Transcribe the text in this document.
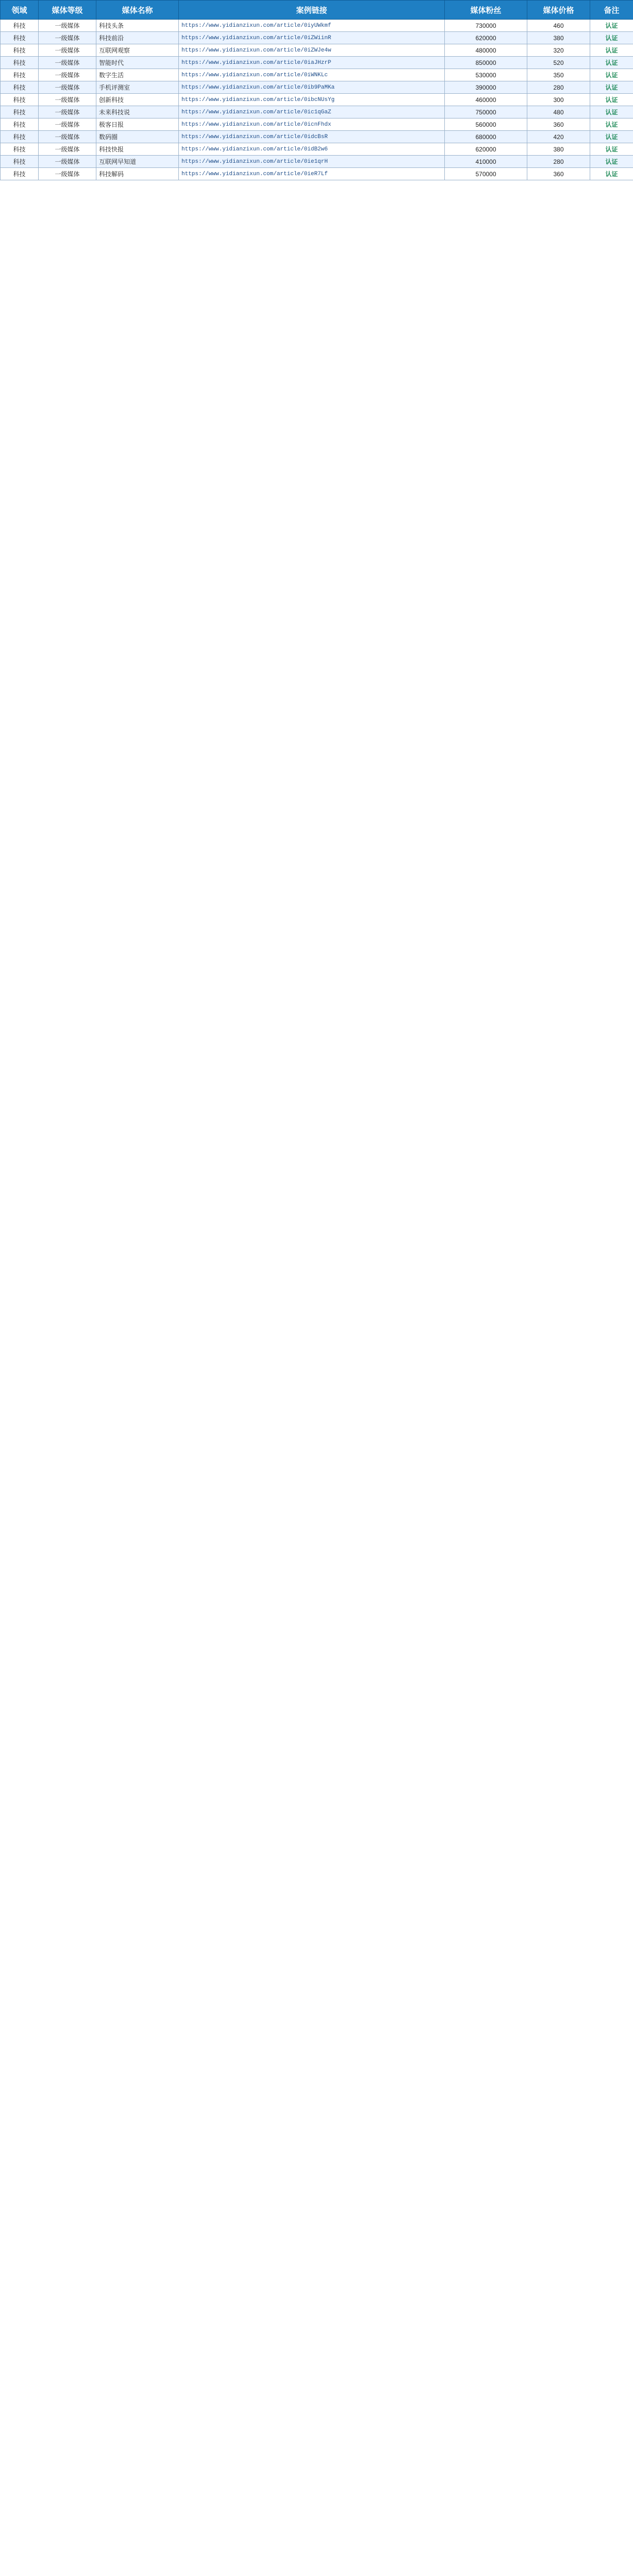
领域	媒体等级	媒体名称	案例链接	媒体粉丝	媒体价格	备注
科技	一级媒体	科技头条	https://www.yidianzixun.com/article/0iyUWkmf	730000	460	认证
科技	一级媒体	科技前沿	https://www.yidianzixun.com/article/0iZWiinR	620000	380	认证
科技	一级媒体	互联网观察	https://www.yidianzixun.com/article/0iZWJe4w	480000	320	认证
科技	一级媒体	智能时代	https://www.yidianzixun.com/article/0iaJHzrP	850000	520	认证
科技	一级媒体	数字生活	https://www.yidianzixun.com/article/0iWNKLc	530000	350	认证
科技	一级媒体	手机评测室	https://www.yidianzixun.com/article/0ib9PaMKa	390000	280	认证
科技	一级媒体	创新科技	https://www.yidianzixun.com/article/0ibcNUsYg	460000	300	认证
科技	一级媒体	未来科技说	https://www.yidianzixun.com/article/0ic1qGaZ	750000	480	认证
科技	一级媒体	极客日报	https://www.yidianzixun.com/article/0icnFhdx	560000	360	认证
科技	一级媒体	数码圈	https://www.yidianzixun.com/article/0idcBsR	680000	420	认证
科技	一级媒体	科技快报	https://www.yidianzixun.com/article/0idB2w6	620000	380	认证
科技	一级媒体	互联网早知道	https://www.yidianzixun.com/article/0ie1qrH	410000	280	认证
科技	一级媒体	科技解码	https://www.yidianzixun.com/article/0ieR7Lf	570000	360	认证
